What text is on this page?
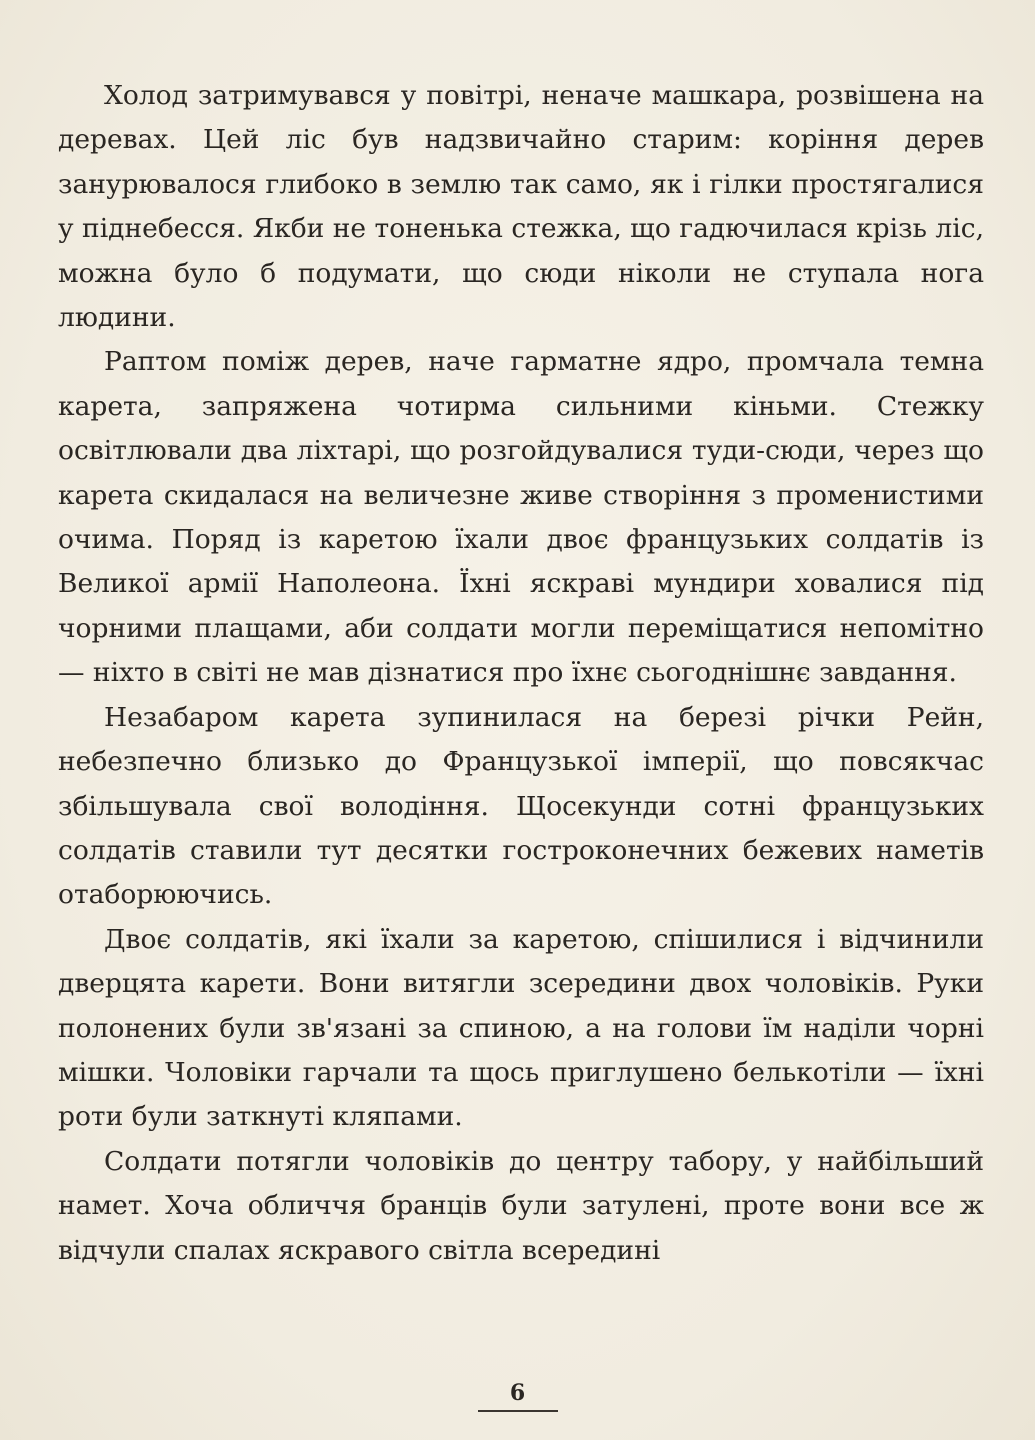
Холод затримувався у повітрі, неначе машкара, розвішена на деревах. Цей ліс був надзвичайно старим: коріння дерев занурювалося глибоко в землю так само, як і гілки простягалися у піднебесся. Якби не тоненька стежка, що гадючилася крізь ліс, можна було б подумати, що сюди ніколи не ступала нога людини.

Раптом поміж дерев, наче гарматне ядро, промчала темна карета, запряжена чотирма сильними кіньми. Стежку освітлювали два ліхтарі, що розгойдувалися туди-сюди, через що карета скидалася на величезне живе створіння з променистими очима. Поряд із каретою їхали двоє французьких солдатів із Великої армії Наполеона. Їхні яскраві мундири ховалися під чорними плащами, аби солдати могли переміщатися непомітно — ніхто в світі не мав дізнатися про їхнє сьогоднішнє завдання.

Незабаром карета зупинилася на березі річки Рейн, небезпечно близько до Французької імперії, що повсякчас збільшувала свої володіння. Щосекунди сотні французьких солдатів ставили тут десятки гостроконечних бежевих наметів отаборюючись.

Двоє солдатів, які їхали за каретою, спішилися і відчинили дверцята карети. Вони витягли зсередини двох чоловіків. Руки полонених були зв'язані за спиною, а на голови їм наділи чорні мішки. Чоловіки гарчали та щось приглушено белькотіли — їхні роти були заткнуті кляпами.

Солдати потягли чоловіків до центру табору, у найбільший намет. Хоча обличчя бранців були затулені, проте вони все ж відчули спалах яскравого світла всередині

6
